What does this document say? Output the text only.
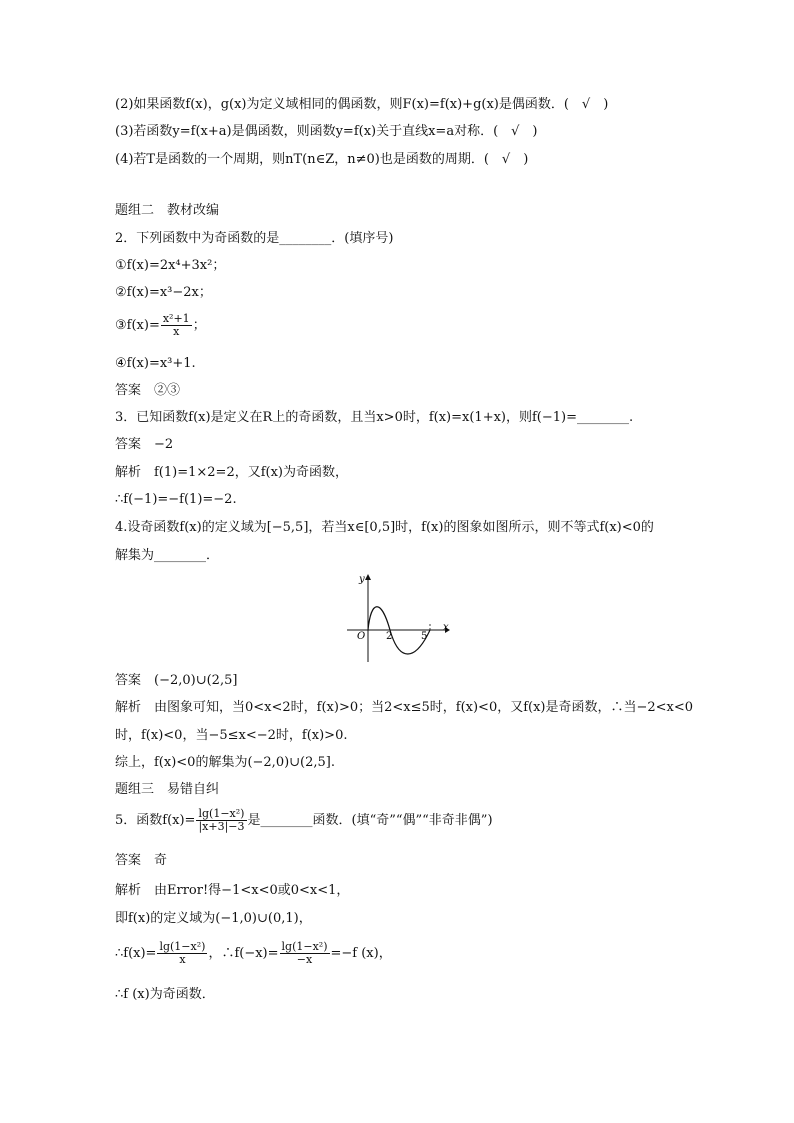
(2)如果函数f(x)，g(x)为定义域相同的偶函数，则F(x)=f(x)+g(x)是偶函数．(　√　)
(3)若函数y=f(x+a)是偶函数，则函数y=f(x)关于直线x=a对称．(　√　)
(4)若T是函数的一个周期，则nT(n∈Z，n≠0)也是函数的周期．(　√　)
题组二　教材改编
2．下列函数中为奇函数的是________．(填序号)
①f(x)=2x⁴+3x²；
②f(x)=x³−2x；
③f(x)= $\frac{\text{x²+1}}{x}$ ；
④f(x)=x³+1.
答案　②③
3．已知函数f(x)是定义在R上的奇函数，且当x>0时，f(x)=x(1+x)，则f(−1)=________.
答案　−2
解析　f(1)=1×2=2，又f(x)为奇函数，
∴f(−1)=−f(1)=−2.
4.设奇函数f(x)的定义域为[−5,5]，若当x∈[0,5]时，f(x)的图象如图所示，则不等式f(x)<0的
解集为________．
y
x
O 2	5
答案　(−2,0)∪(2,5]
解析　由图象可知，当0<x<2时，f(x)>0；当2<x≤5时，f(x)<0，又f(x)是奇函数，∴当−2<x<0
时，f(x)<0，当−5≤x<−2时，f(x)>0.
综上，f(x)<0的解集为(−2,0)∪(2,5].
题组三　易错自纠
5．函数$f(x)= \frac{\text{lg(1−x²)}}{|x+3|-3}$ 是________函数．(填“奇”“偶”“非奇非偶”)
答案　奇
解析　由Error!得−1<x<0或0<x<1，
即f(x)的定义域为(−1,0)∪(0,1)，
∴f(x)= $\frac{\text{lg(1−x²)}}{x}$ ，∴f(−x)= $\frac{\text{lg(1−x²)}}{-x} =-f$ (x)，
∴f (x)为奇函数．
